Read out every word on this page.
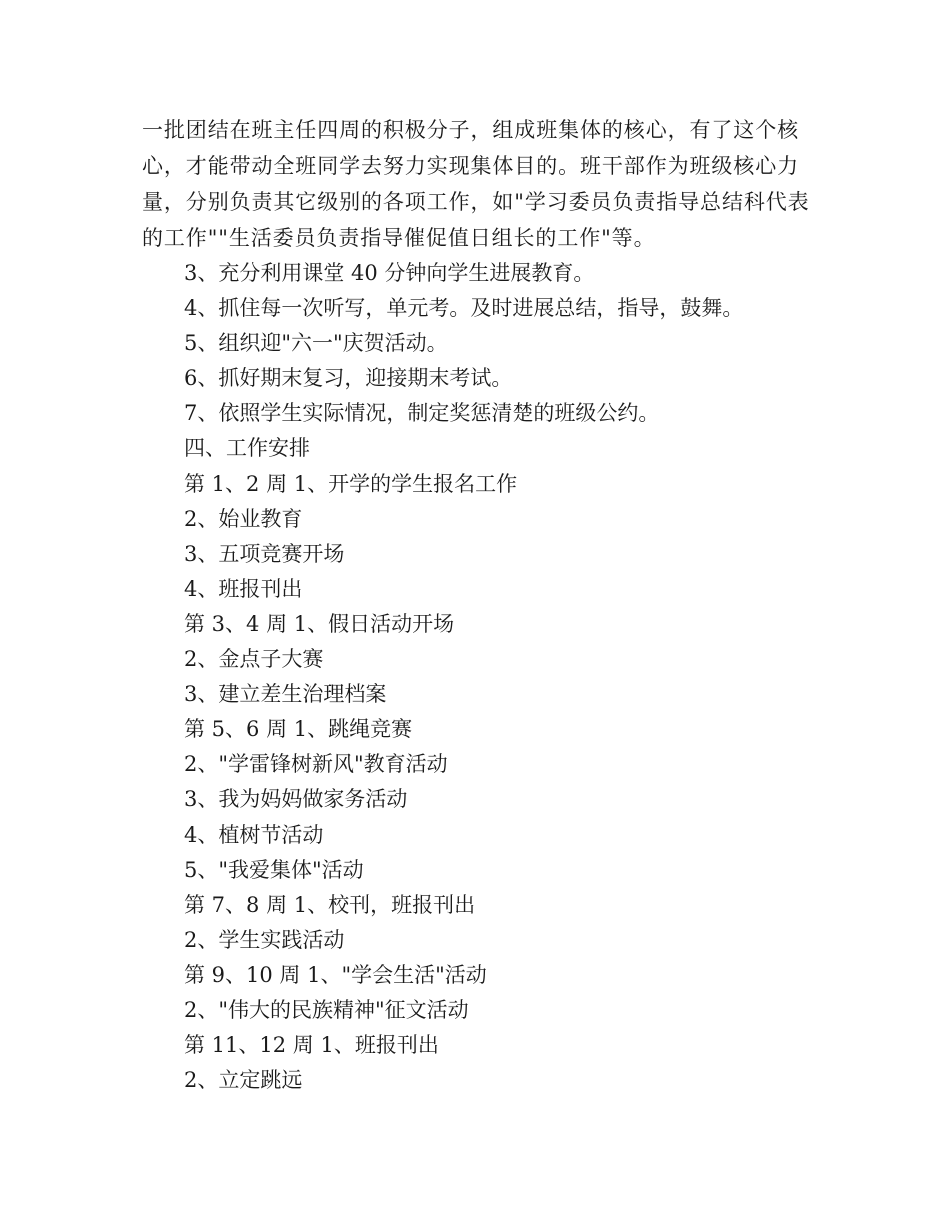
一批团结在班主任四周的积极分子，组成班集体的核心，有了这个核
心，才能带动全班同学去努力实现集体目的。班干部作为班级核心力
量，分别负责其它级别的各项工作，如"学习委员负责指导总结科代表
的工作""生活委员负责指导催促值日组长的工作"等。
3、充分利用课堂 40 分钟向学生进展教育。
4、抓住每一次听写，单元考。及时进展总结，指导，鼓舞。
5、组织迎"六一"庆贺活动。
6、抓好期末复习，迎接期末考试。
7、依照学生实际情况，制定奖惩清楚的班级公约。
四、工作安排
第 1、2 周 1、开学的学生报名工作
2、始业教育
3、五项竞赛开场
4、班报刊出
第 3、4 周 1、假日活动开场
2、金点子大赛
3、建立差生治理档案
第 5、6 周 1、跳绳竞赛
2、"学雷锋树新风"教育活动
3、我为妈妈做家务活动
4、植树节活动
5、"我爱集体"活动
第 7、8 周 1、校刊，班报刊出
2、学生实践活动
第 9、10 周 1、"学会生活"活动
2、"伟大的民族精神"征文活动
第 11、12 周 1、班报刊出
2、立定跳远
